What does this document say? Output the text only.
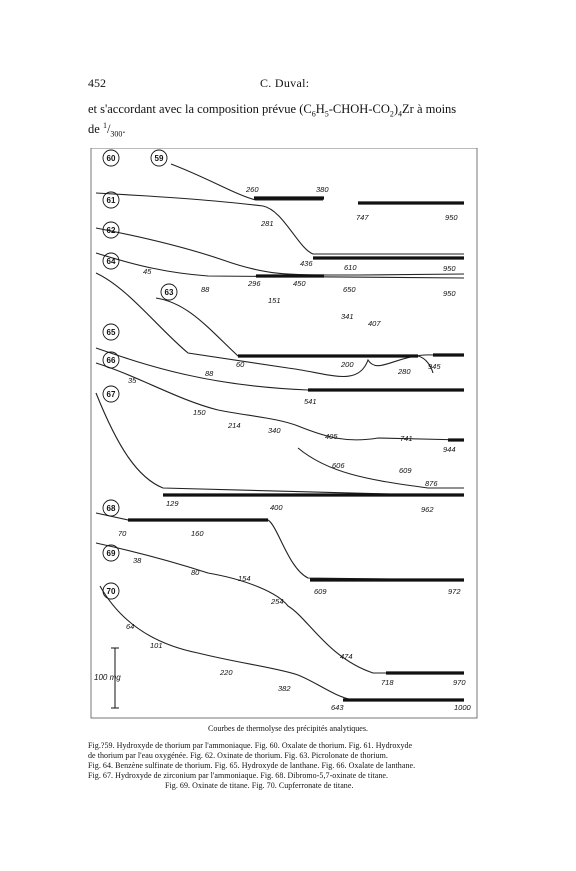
452	C. Duval:
et s'accordant avec la composition prévue $(C_6H_5-CHOH-CO_2)_4Zr$ à moins
de $^1/_{300}$.
60	59
61
62
64
63
65
66
67
68
69
70
260	380
281
747	950
436	610	950
45
296	450
88	650	950
151
341
407
60	200
280
945
88
35
541
150
214
340
405	741
944
606
609
876
129	400	962
70	160
38
80
154
609	972
254
64
101
474
220
382
718	970
643	1000
100 mg
Courbes de thermolyse des précipités analytiques.
Fig.?59. Hydroxyde de thorium par l'ammoniaque. Fig. 60. Oxalate de thorium. Fig. 61. Hydroxyde
de thorium par l'eau oxygénée. Fig. 62. Oxinate de thorium. Fig. 63. Picrolonate de thorium.
Fig. 64. Benzène sulfinate de thorium. Fig. 65. Hydroxyde de lanthane. Fig. 66. Oxalate de lanthane.
Fig. 67. Hydroxyde de zirconium par l'ammoniaque. Fig. 68. Dibromo-5,7-oxinate de titane.
Fig. 69. Oxinate de titane. Fig. 70. Cupferronate de titane.
